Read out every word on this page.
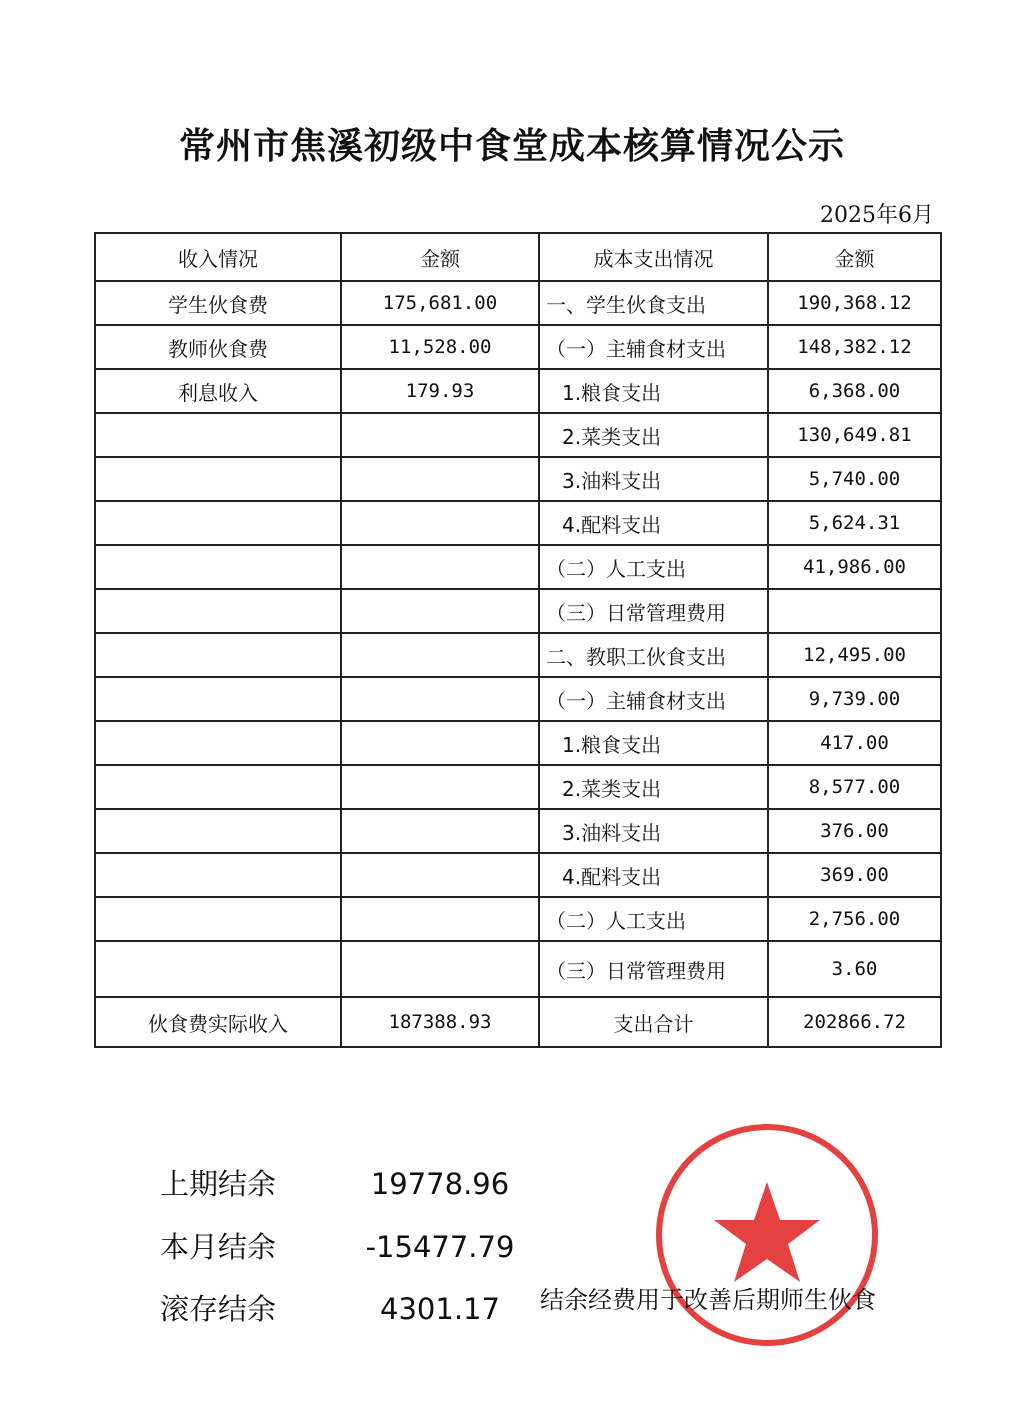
常州市焦溪初级中食堂成本核算情况公示
2025年6月
收入情况	金额	成本支出情况	金额
学生伙食费	175,681.00	一、学生伙食支出	190,368.12
教师伙食费	11,528.00	（一）主辅食材支出	148,382.12
利息收入	179.93	1.粮食支出	6,368.00
		2.菜类支出	130,649.81
		3.油料支出	5,740.00
		4.配料支出	5,624.31
		（二）人工支出	41,986.00
		（三）日常管理费用	
		二、教职工伙食支出	12,495.00
		（一）主辅食材支出	9,739.00
		1.粮食支出	417.00
		2.菜类支出	8,577.00
		3.油料支出	376.00
		4.配料支出	369.00
		（二）人工支出	2,756.00
		（三）日常管理费用	3.60
伙食费实际收入	187388.93	支出合计	202866.72
上期结余	19778.96
本月结余	-15477.79
滚存结余	4301.17	结余经费用于改善后期师生伙食
